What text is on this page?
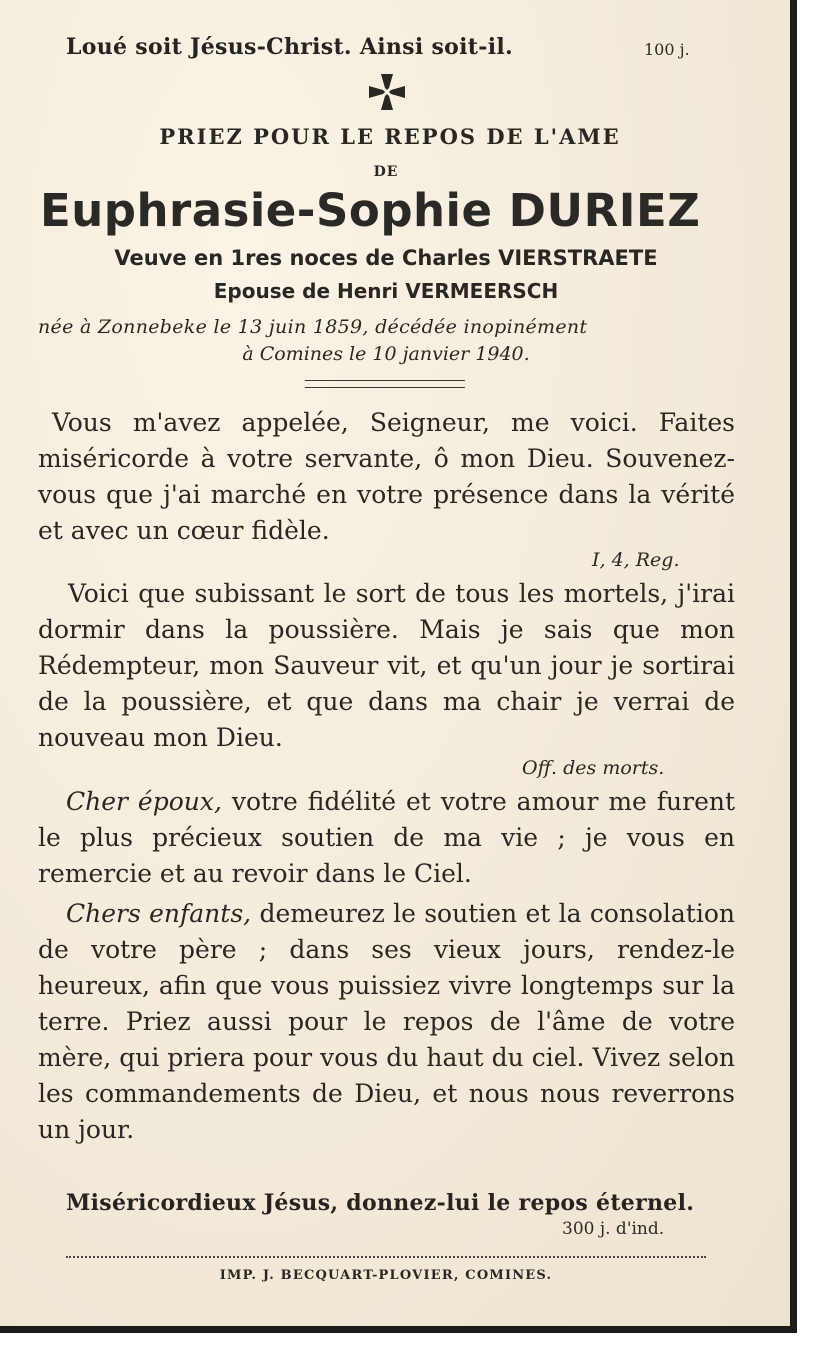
Loué soit Jésus-Christ. Ainsi soit-il.	100 j.
PRIEZ POUR LE REPOS DE L'AME
DE
Euphrasie-Sophie DURIEZ
Veuve en 1res noces de Charles VIERSTRAETE
Epouse de Henri VERMEERSCH
née à Zonnebeke le 13 juin 1859, décédée inopinément
à Comines le 10 janvier 1940.
Vous m'avez appelée, Seigneur, me voici. Faites miséricorde à votre servante, ô mon Dieu. Souvenez-vous que j'ai marché en votre présence dans la vérité et avec un cœur fidèle.
I, 4, Reg.
Voici que subissant le sort de tous les mortels, j'irai dormir dans la poussière. Mais je sais que mon Rédempteur, mon Sauveur vit, et qu'un jour je sortirai de la poussière, et que dans ma chair je verrai de nouveau mon Dieu.
Off. des morts.
Cher époux, votre fidélité et votre amour me furent le plus précieux soutien de ma vie ; je vous en remercie et au revoir dans le Ciel.
Chers enfants, demeurez le soutien et la consolation de votre père ; dans ses vieux jours, rendez-le heureux, afin que vous puissiez vivre longtemps sur la terre. Priez aussi pour le repos de l'âme de votre mère, qui priera pour vous du haut du ciel. Vivez selon les commandements de Dieu, et nous nous reverrons un jour.
Miséricordieux Jésus, donnez-lui le repos éternel.
300 j. d'ind.
IMP. J. BECQUART-PLOVIER, COMINES.
